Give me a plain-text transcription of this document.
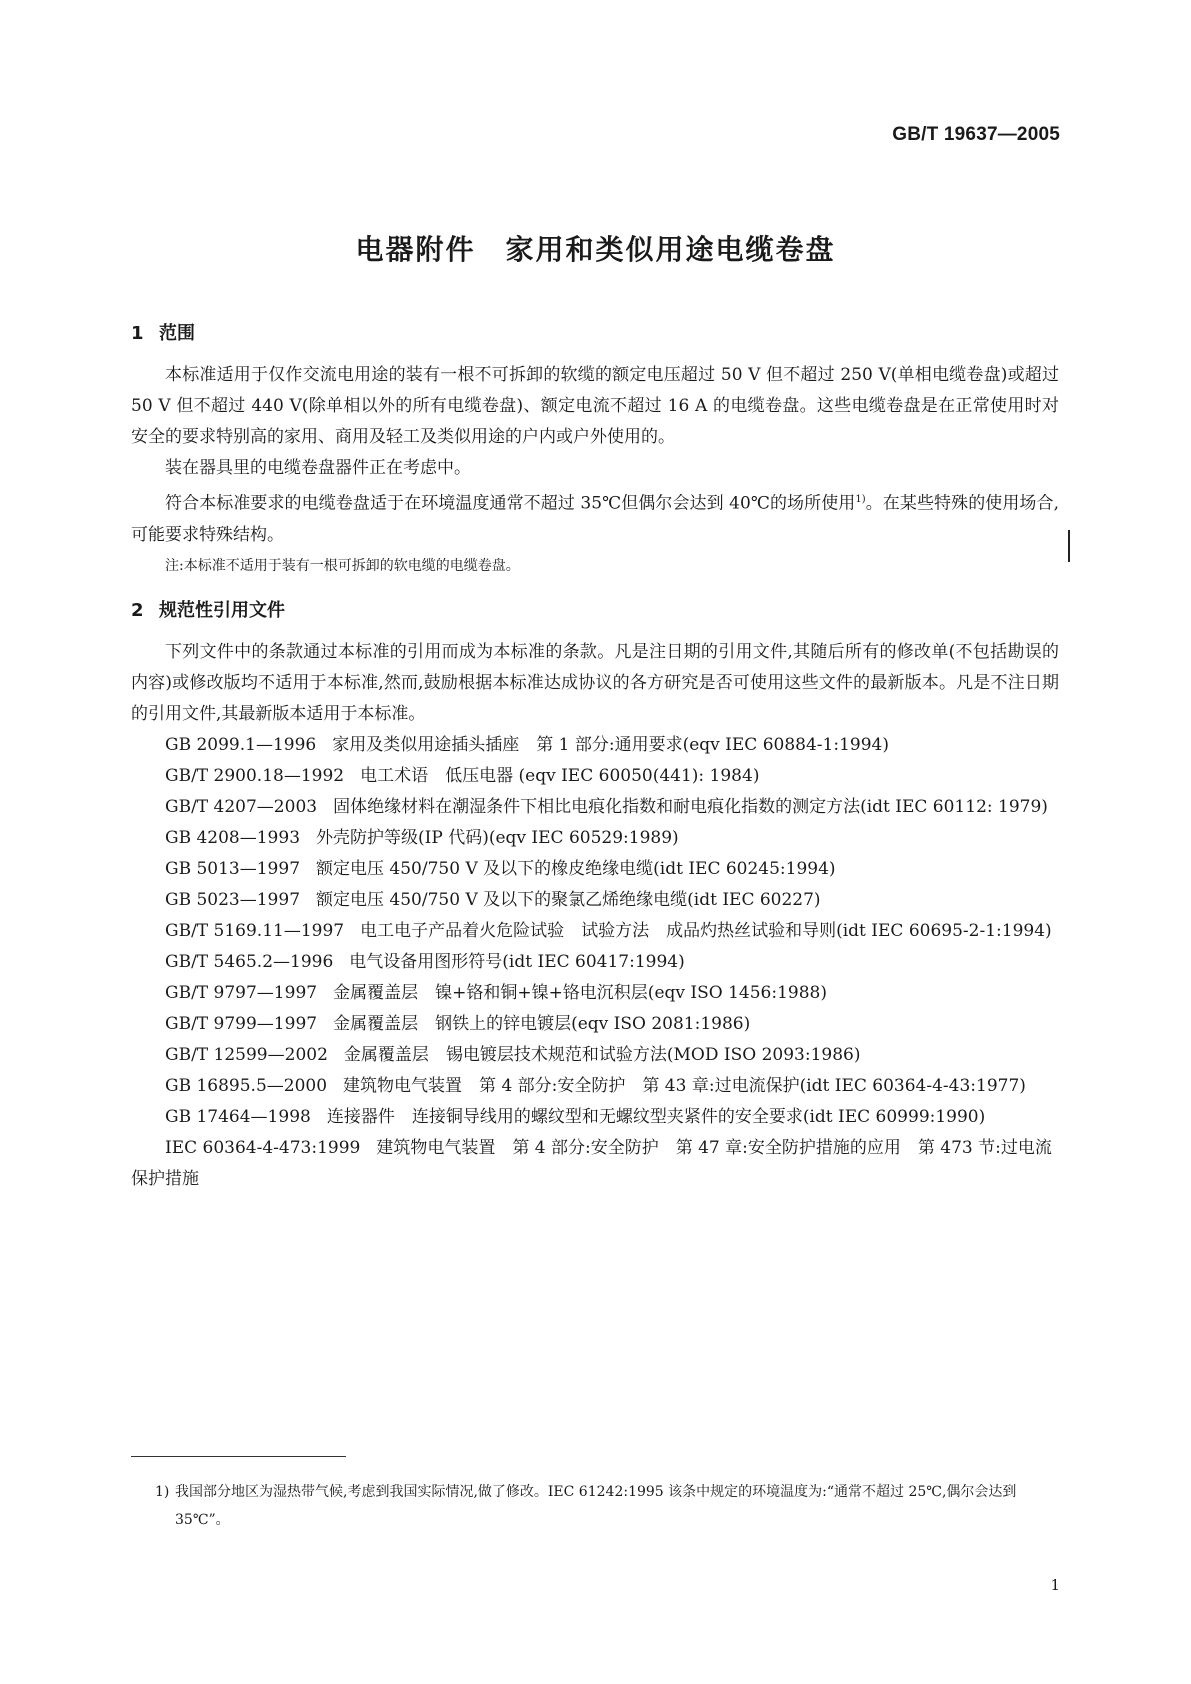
GB/T 19637—2005
电器附件　家用和类似用途电缆卷盘
1 范围

本标准适用于仅作交流电用途的装有一根不可拆卸的软缆的额定电压超过 50 V 但不超过 250 V(单相电缆卷盘)或超过 50 V 但不超过 440 V(除单相以外的所有电缆卷盘)、额定电流不超过 16 A 的电缆卷盘。这些电缆卷盘是在正常使用时对安全的要求特别高的家用、商用及轻工及类似用途的户内或户外使用的。

装在器具里的电缆卷盘器件正在考虑中。

符合本标准要求的电缆卷盘适于在环境温度通常不超过 35℃但偶尔会达到 40℃的场所使用$^{1)}$。在某些特殊的使用场合,可能要求特殊结构。

注:本标准不适用于装有一根可拆卸的软电缆的电缆卷盘。

2 规范性引用文件

下列文件中的条款通过本标准的引用而成为本标准的条款。凡是注日期的引用文件,其随后所有的修改单(不包括勘误的内容)或修改版均不适用于本标准,然而,鼓励根据本标准达成协议的各方研究是否可使用这些文件的最新版本。凡是不注日期的引用文件,其最新版本适用于本标准。

GB 2099.1—1996 家用及类似用途插头插座　第 1 部分:通用要求(eqv IEC 60884-1:1994)

GB/T 2900.18—1992 电工术语　低压电器 (eqv IEC 60050(441): 1984)

GB/T 4207—2003 固体绝缘材料在潮湿条件下相比电痕化指数和耐电痕化指数的测定方法(idt IEC 60112: 1979)

GB 4208—1993 外壳防护等级(IP 代码)(eqv IEC 60529:1989)

GB 5013—1997 额定电压 450/750 V 及以下的橡皮绝缘电缆(idt IEC 60245:1994)

GB 5023—1997 额定电压 450/750 V 及以下的聚氯乙烯绝缘电缆(idt IEC 60227)

GB/T 5169.11—1997 电工电子产品着火危险试验　试验方法　成品灼热丝试验和导则(idt IEC 60695-2-1:1994)

GB/T 5465.2—1996 电气设备用图形符号(idt IEC 60417:1994)

GB/T 9797—1997 金属覆盖层　镍+铬和铜+镍+铬电沉积层(eqv ISO 1456:1988)

GB/T 9799—1997 金属覆盖层　钢铁上的锌电镀层(eqv ISO 2081:1986)

GB/T 12599—2002 金属覆盖层　锡电镀层技术规范和试验方法(MOD ISO 2093:1986)

GB 16895.5—2000 建筑物电气装置　第 4 部分:安全防护　第 43 章:过电流保护(idt IEC 60364-4-43:1977)

GB 17464—1998 连接器件　连接铜导线用的螺纹型和无螺纹型夹紧件的安全要求(idt IEC 60999:1990)

IEC 60364-4-473:1999 建筑物电气装置　第 4 部分:安全防护　第 47 章:安全防护措施的应用　第 473 节:过电流保护措施

1) 我国部分地区为湿热带气候,考虑到我国实际情况,做了修改。IEC 61242:1995 该条中规定的环境温度为:“通常不超过 25℃,偶尔会达到 35℃”。
1
